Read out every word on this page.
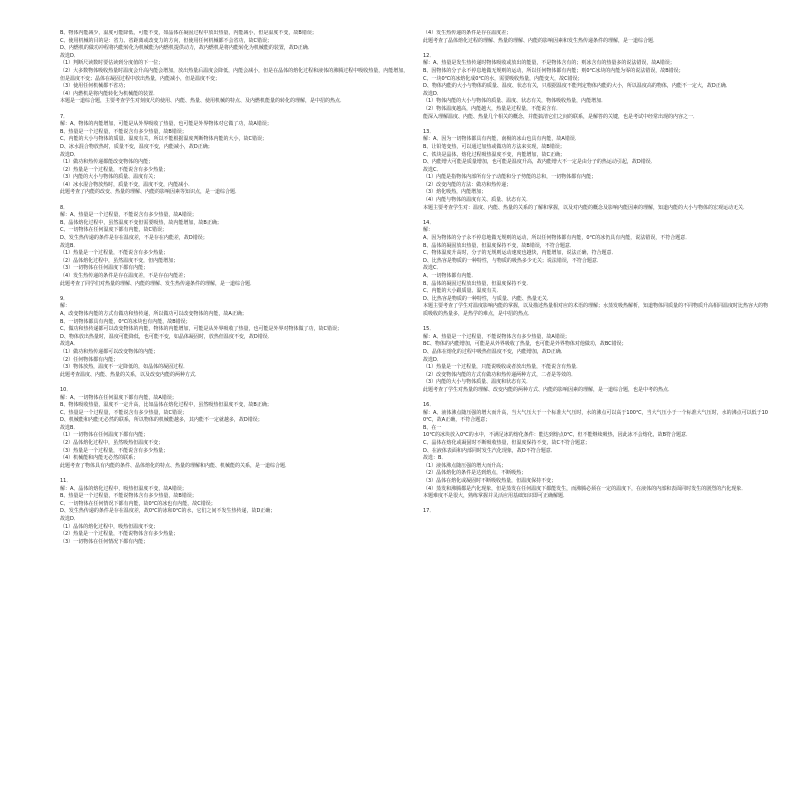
B、物体内能减少，温度可能降低，可能不变，如晶体在凝固过程中放出热量，内能减小，但是温度不变，故B错误；

C、使用机械的目的是：省力、省距离或改变力的方向，但使用任何机械都不会省功，故C错误；

D、内燃机的做功冲程将内能转化为机械能为内燃机提供动力，故内燃机是将内能转化为机械能的装置，故D正确．

故选D．

（1）判断尺读数时要估读到分度值的下一位；

（2）大多数物体吸收热量时温度会升高内能会增加，放出热量后温度会降低，内能会减小，但是在晶体的熔化过程和液体的沸腾过程中吸收热量，内能增加，但是温度不变；晶体在凝固过程中放出热量，内能减小，但是温度不变；

（3）使用任何机械都不省功；

（4）内燃机是将内能转化为机械能的装置．

本题是一道综合题，主要考查学生对刻度尺的使用、内能、热量、使用机械的特点、及内燃机能量的转化的理解，是中招的热点．

7．

解：A、物体的内能增加，可能是从外界吸收了热量，也可能是外界物体对它做了功，故A错误；

B、热量是一个过程量，不能说含有多少热量，故B错误；

C、内能的大小与物体的质量、温度有关，所以不能根据温度判断物体内能的大小，故C错误；

D、冰水混合物放热时，质量不变，温度不变，内能减小，故D正确；

故选D．

（1）做功和热传递都能改变物体的内能；

（2）热量是一个过程量，不能说含有多少热量；

（3）内能的大小与物体的质量、温度有关；

（4）冰水混合物放热时，质量不变，温度不变，内能减小．

此题考查了内能的改变、热量的理解、内能的影响因素等知识点，是一道综合题．

8．

解：A、热量是一个过程量，不能说含有多少热量，故A错误；

B、晶体熔化过程中，虽然温度不变但需要吸热，故内能增加，故B正确；

C、一切物体在任何温度下都有内能，故C错误；

D、发生热传递的条件是存在温度差，不是存在内能差，故D错误；

故选B．

（1）热量是一个过程量，不能说含有多少热量；

（2）晶体熔化过程中，虽然温度不变，但内能增加；

（3）一切物体在任何温度下都有内能；

（4）发生热传递的条件是存在温度差，不是存在内能差；

此题考查了同学们对热量的理解、内能的理解、发生热传递条件的理解，是一道综合题．

9．

解：

A、改变物体内能的方式有做功和热传递，所以做功可以改变物体的内能，故A正确；

B、一切物体都具有内能，0℃的冰块也有内能，故B错误；

C、做功和热传递都可以改变物体的内能，物体的内能增加，可能是从外界吸收了热量，也可能是外界对物体做了功，故C错误；

D、物体放出热量时，温度可能降低，也可能不变，如晶体凝固时，放热但温度不变，故D错误．

故选A．

（1）做功和热传递都可以改变物体的内能；

（2）任何物体都有内能；

（3）物体放热，温度不一定降低的，如晶体的凝固过程．

此题考查温度、内能、热量的关系，以及改变内能的两种方式．

10．

解：A、一切物体在任何温度下都有内能，故A错误；

B、物体吸收热量，温度不一定升高，比如晶体在熔化过程中，虽然吸热但温度不变，故B正确；

C、热量是一个过程量，不能说含有多少热量，故C错误；

D、机械能和内能无必然的联系，所以物体的机械能越多，其内能不一定就越多，故D错误；

故选B．

（1）一切物体在任何温度下都有内能；

（2）晶体熔化过程中，虽然吸热但温度不变；

（3）热量是一个过程量，不能说含有多少热量；

（4）机械能和内能无必然的联系；

此题考查了物体具有内能的条件、晶体熔化的特点、热量的理解和内能、机械能的关系，是一道综合题．

11．

解：A、晶体的熔化过程中，吸热但温度不变，故A错误；

B、热量是一个过程量，不能说物体含有多少热量，故B错误；

C、一切物体在任何情况下都有内能，故0℃的冰也有内能，故C错误；

D、发生热传递的条件是存在温度差，故0℃的冰和0℃的水，它们之间不发生热传递，故D正确；

故选D．

（1）晶体的熔化过程中，吸热但温度不变；

（2）热量是一个过程量，不能说物体含有多少热量；

（3）一切物体在任何情况下都有内能；

（4）发生热传递的条件是存在温度差；

此题考查了晶体熔化过程的理解、热量的理解、内能的影响因素和发生热传递条件的理解，是一道综合题．

12．

解：A、热量是发生热传递时物体吸收或放出的能量，不是物体含有的；则冰含有的热量多的说法错误，故A错误；

B、因物体的分子永不停息地做无规则的运动，所以任何物体都有内能；则0℃冰块的内能为零的说法错误，故B错误；

C、一块0℃的冰熔化成0℃的水，需要吸收热量，内能变大，故C错误；

D、物体内能的大小与物体的质量、温度、状态有关，只根据温度不能判定物体内能的大小，所以温度高的物体，内能不一定大，故D正确．

故选D．

（1）物体内能的大小与物体的质量、温度、状态有关，物体吸收热量，内能增加．

（2）物体温度越高，内能越大，热量是过程量，不能说含有．

能深入理解温度、内能、热量几个相关的概念，并能搞清它们之间的联系，是解答的关键，也是考试中经常出现的内容之一．

13．

解：A、因为一切物体都具有内能，南极的冰山也具有内能，故A错误．

B、让铅笔变热，可以通过加热或做功的方法来实现，故B错误；

C、铁块是晶体，熔化过程吸热温度不变，内能增加，故C正确；

D、内能增大可能是质量增加，也可能是温度升高，故内能增大不一定是由分子的热运动引起，故D错误．

故选C．

（1）内能是指物体内部所有分子动能和分子势能的总和，一切物体都有内能；

（2）改变内能的方法：做功和热传递；

（3）熔化吸热，内能增加；

（4）内能与物体的温度有关、质量、状态有关．

本题主要考查学生对：温度、内能、热量的关系的了解和掌握，以及对内能的概念及影响内能因素的理解，知道内能的大小与物体的宏观运动无关．

14．

解：

A、因为物体的分子永不停息地做无规则的运动，所以任何物体都有内能，0℃的冰仍具有内能，说法错误，不符合题意．

B、晶体的凝固放出热量，但温度保持不变，故B错误，不符合题意．

C、物体温度升高时，分子的无规则运动速度也越快，内能增加，说法正确，符合题意．

D、比热容是物质的一种特性，与物质的吸热多少无关；说法错误，不符合题意．

故选C．

A、一切物体都有内能．

B、晶体的凝固过程放出热量，但温度保持不变．

C、内能的大小跟质量、温度有关．

D、比热容是物质的一种特性，与质量、内能、热量无关．

本题主要考查了学生对温度影响内能的掌握，以及描述热量相对应的术语的理解；水蒸发吸热解析，知道物体同质量的不同物质升高相同温度时比热容大的物质吸收的热量多，是热学的难点，是中招的热点．

15．

解：A、热量是一个过程量，不能说物体含有多少热量，故A错误；

BC、物体的内能增加，可能是从外界吸收了热量，也可能是外界物体对他做功，故BC错误；

D、晶体在熔化的过程中吸热但温度不变，内能增加，故D正确．

故选D．

（1）热量是一个过程量，只能说吸收或者放出热量，不能说含有热量．

（2）改变物体内能的方式有做功和热传递两种方式，二者是等效的．

（3）内能的大小与物体质量、温度和状态有关．

此题考查了学生对热量的理解、改变内能的两种方式、内能的影响因素的理解，是一道综合题，也是中考的热点．

16．

解：A、液体沸点随压强的增大而升高，当大气压大于一个标准大气压时，水的沸点可以高于100℃，当大气压小于一个标准大气压时，水的沸点可以低于100℃，故A正确，不符合题意；

B、在一

10℃的冰块放入0℃的水中，不满足冰的熔化条件：能达到熔点0℃，但不能继续吸热，因此冰不会熔化，故B符合题意．

C、晶体在熔化或凝固时不断吸收热量，但温度保持不变，故C不符合题意；

D、在液体表面和内部同时发生汽化现象，故D不符合题意．

故选：B．

（1）液体沸点随压强的增大而升高；

（2）晶体熔化的条件是达到熔点，不断吸热；

（3）晶体在熔化或凝固时不断吸收热量，但温度保持不变；

（4）蒸发和沸腾都是汽化现象，但是蒸发在任何温度下都能发生，而沸腾必须在一定的温度下，在液体的内部和表面同时发生的剧烈的汽化现象．

本题难度不是很大，熟练掌握并灵活应用基础知识即可正确解题．

17．
